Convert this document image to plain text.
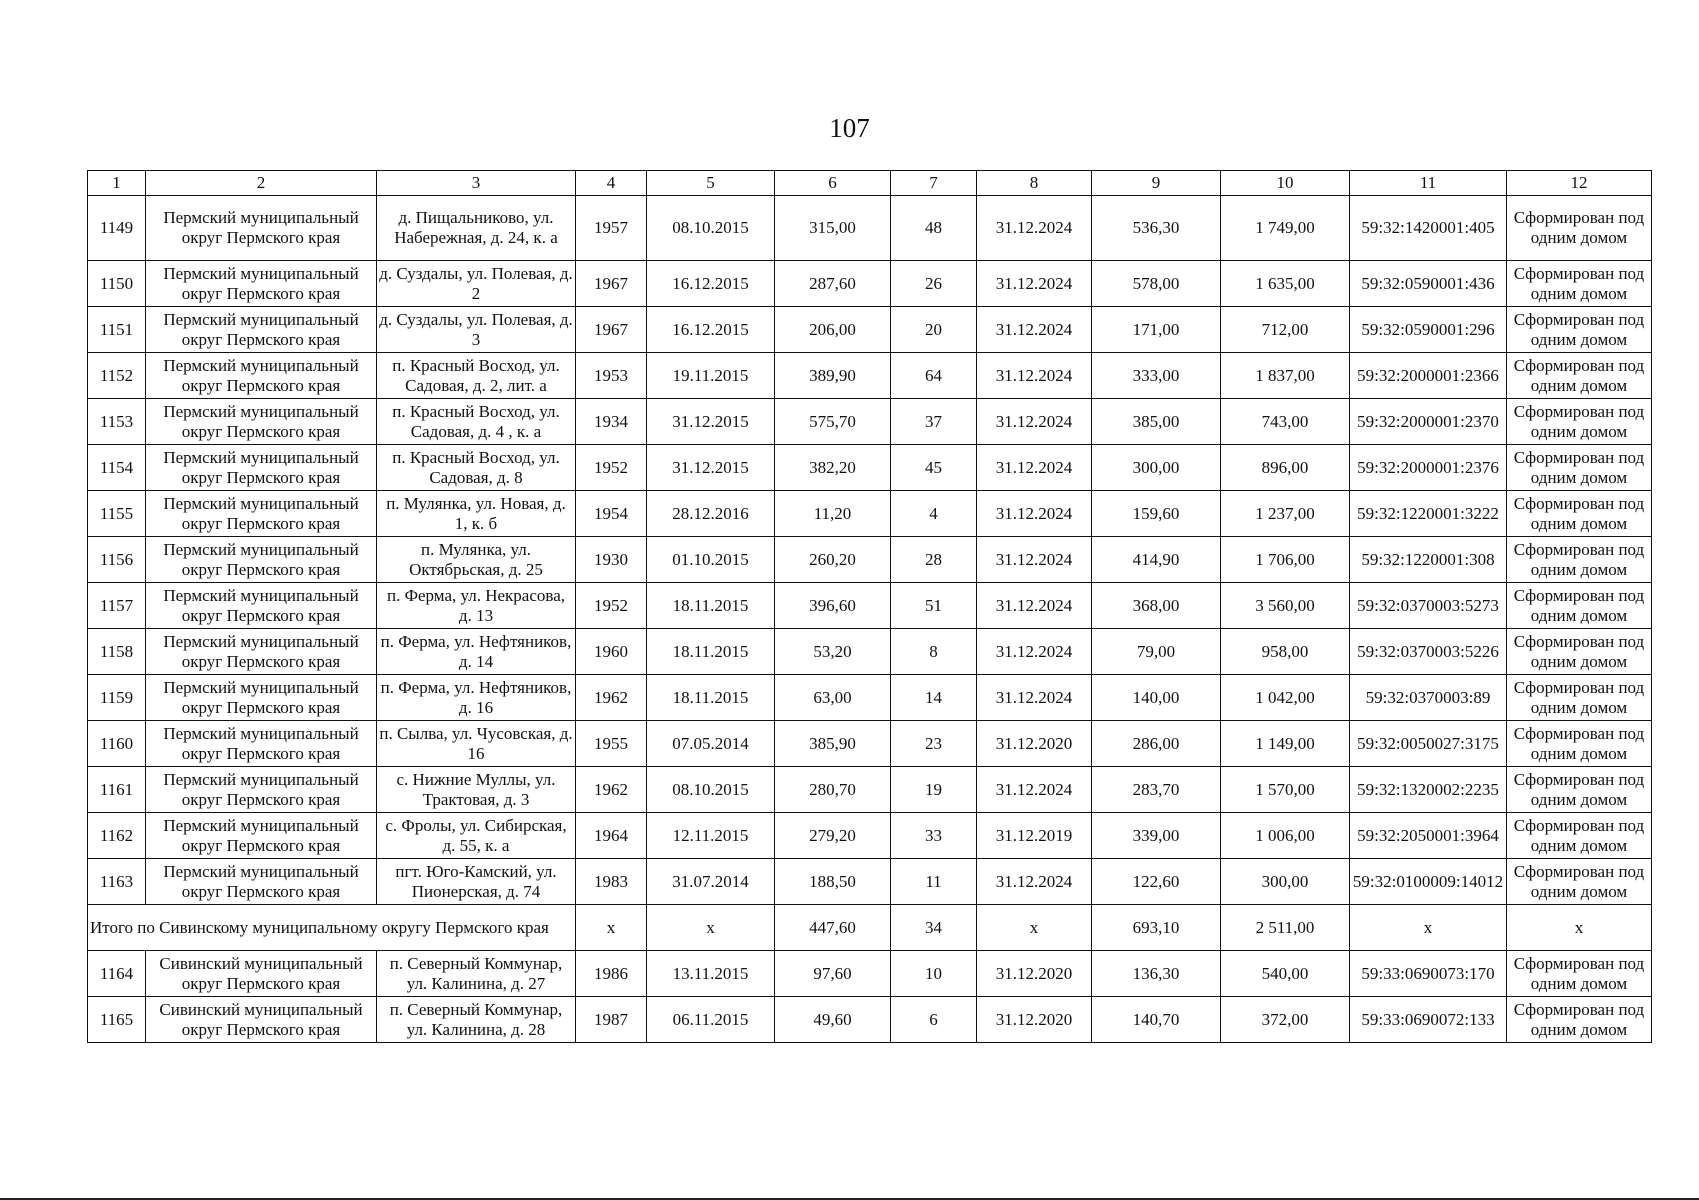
107
1	2	3	4	5	6	7	8	9	10	11	12
1149	Пермский муниципальный округ Пермского края	д. Пищальниково, ул. Набережная, д. 24, к. а	1957	08.10.2015	315,00	48	31.12.2024	536,30	1 749,00	59:32:1420001:405	Сформирован под одним домом
1150	Пермский муниципальный округ Пермского края	д. Суздалы, ул. Полевая, д. 2	1967	16.12.2015	287,60	26	31.12.2024	578,00	1 635,00	59:32:0590001:436	Сформирован под одним домом
1151	Пермский муниципальный округ Пермского края	д. Суздалы, ул. Полевая, д. 3	1967	16.12.2015	206,00	20	31.12.2024	171,00	712,00	59:32:0590001:296	Сформирован под одним домом
1152	Пермский муниципальный округ Пермского края	п. Красный Восход, ул. Садовая, д. 2, лит. а	1953	19.11.2015	389,90	64	31.12.2024	333,00	1 837,00	59:32:2000001:2366	Сформирован под одним домом
1153	Пермский муниципальный округ Пермского края	п. Красный Восход, ул. Садовая, д. 4 , к. а	1934	31.12.2015	575,70	37	31.12.2024	385,00	743,00	59:32:2000001:2370	Сформирован под одним домом
1154	Пермский муниципальный округ Пермского края	п. Красный Восход, ул. Садовая, д. 8	1952	31.12.2015	382,20	45	31.12.2024	300,00	896,00	59:32:2000001:2376	Сформирован под одним домом
1155	Пермский муниципальный округ Пермского края	п. Мулянка, ул. Новая, д. 1, к. б	1954	28.12.2016	11,20	4	31.12.2024	159,60	1 237,00	59:32:1220001:3222	Сформирован под одним домом
1156	Пермский муниципальный округ Пермского края	п. Мулянка, ул. Октябрьская, д. 25	1930	01.10.2015	260,20	28	31.12.2024	414,90	1 706,00	59:32:1220001:308	Сформирован под одним домом
1157	Пермский муниципальный округ Пермского края	п. Ферма, ул. Некрасова, д. 13	1952	18.11.2015	396,60	51	31.12.2024	368,00	3 560,00	59:32:0370003:5273	Сформирован под одним домом
1158	Пермский муниципальный округ Пермского края	п. Ферма, ул. Нефтяников, д. 14	1960	18.11.2015	53,20	8	31.12.2024	79,00	958,00	59:32:0370003:5226	Сформирован под одним домом
1159	Пермский муниципальный округ Пермского края	п. Ферма, ул. Нефтяников, д. 16	1962	18.11.2015	63,00	14	31.12.2024	140,00	1 042,00	59:32:0370003:89	Сформирован под одним домом
1160	Пермский муниципальный округ Пермского края	п. Сылва, ул. Чусовская, д. 16	1955	07.05.2014	385,90	23	31.12.2020	286,00	1 149,00	59:32:0050027:3175	Сформирован под одним домом
1161	Пермский муниципальный округ Пермского края	с. Нижние Муллы, ул. Трактовая, д. 3	1962	08.10.2015	280,70	19	31.12.2024	283,70	1 570,00	59:32:1320002:2235	Сформирован под одним домом
1162	Пермский муниципальный округ Пермского края	с. Фролы, ул. Сибирская, д. 55, к. а	1964	12.11.2015	279,20	33	31.12.2019	339,00	1 006,00	59:32:2050001:3964	Сформирован под одним домом
1163	Пермский муниципальный округ Пермского края	пгт. Юго-Камский, ул. Пионерская, д. 74	1983	31.07.2014	188,50	11	31.12.2024	122,60	300,00	59:32:0100009:14012	Сформирован под одним домом
Итого по Сивинскому муниципальному округу Пермского края			x	x	447,60	34	x	693,10	2 511,00	x	x
1164	Сивинский муниципальный округ Пермского края	п. Северный Коммунар, ул. Калинина, д. 27	1986	13.11.2015	97,60	10	31.12.2020	136,30	540,00	59:33:0690073:170	Сформирован под одним домом
1165	Сивинский муниципальный округ Пермского края	п. Северный Коммунар, ул. Калинина, д. 28	1987	06.11.2015	49,60	6	31.12.2020	140,70	372,00	59:33:0690072:133	Сформирован под одним домом
